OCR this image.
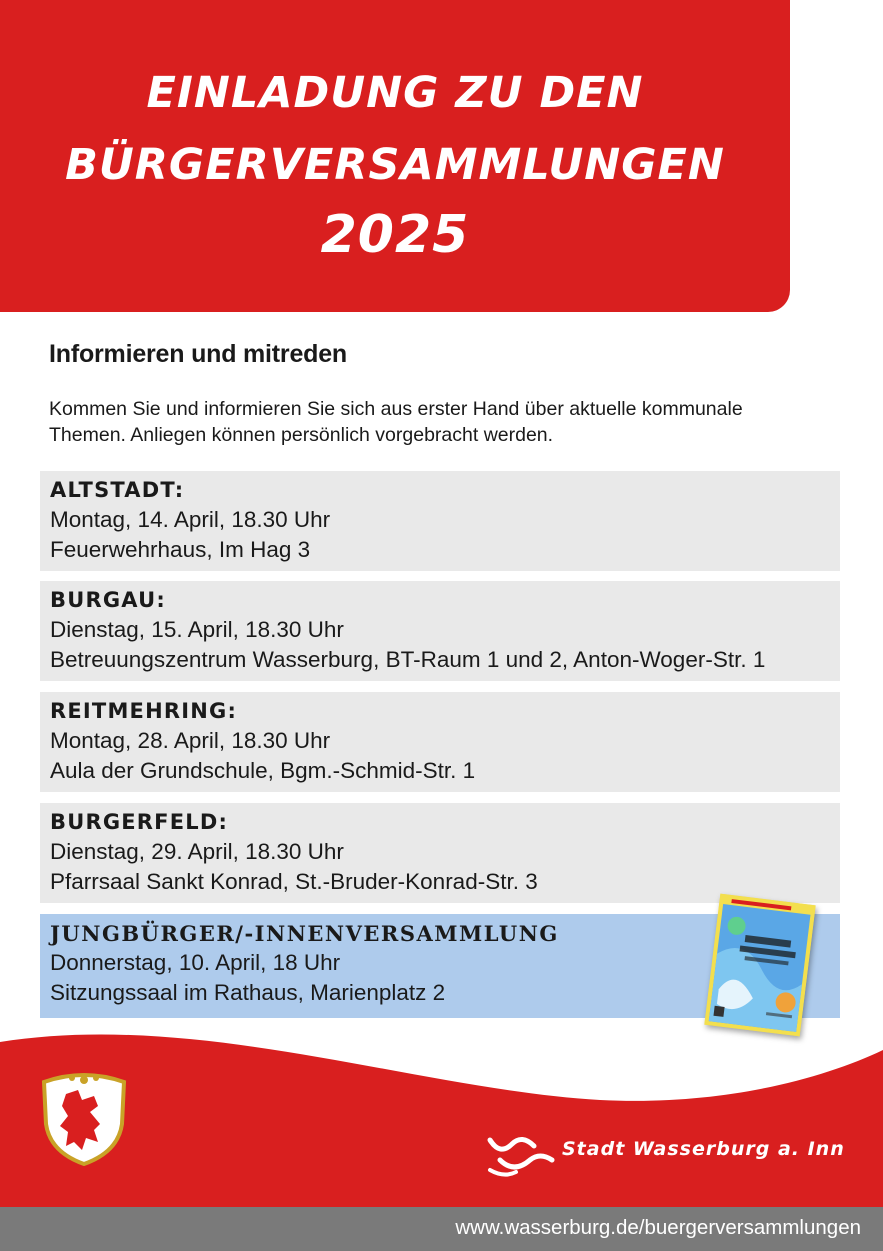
EINLADUNG ZU DEN
BÜRGERVERSAMMLUNGEN
2025
Informieren und mitreden
Kommen Sie und informieren Sie sich aus erster Hand über aktuelle kommunale
Themen. Anliegen können persönlich vorgebracht werden.
ALTSTADT:
Montag, 14. April, 18.30 Uhr
Feuerwehrhaus, Im Hag 3
BURGAU:
Dienstag, 15. April, 18.30 Uhr
Betreuungszentrum Wasserburg, BT-Raum 1 und 2, Anton-Woger-Str. 1
REITMEHRING:
Montag, 28. April, 18.30 Uhr
Aula der Grundschule, Bgm.-Schmid-Str. 1
BURGERFELD:
Dienstag, 29. April, 18.30 Uhr
Pfarrsaal Sankt Konrad, St.-Bruder-Konrad-Str. 3
JUNGBÜRGER/-INNENVERSAMMLUNG
Donnerstag, 10. April, 18 Uhr
Sitzungssaal im Rathaus, Marienplatz 2
Stadt Wasserburg a. Inn
www.wasserburg.de/buergerversammlungen
